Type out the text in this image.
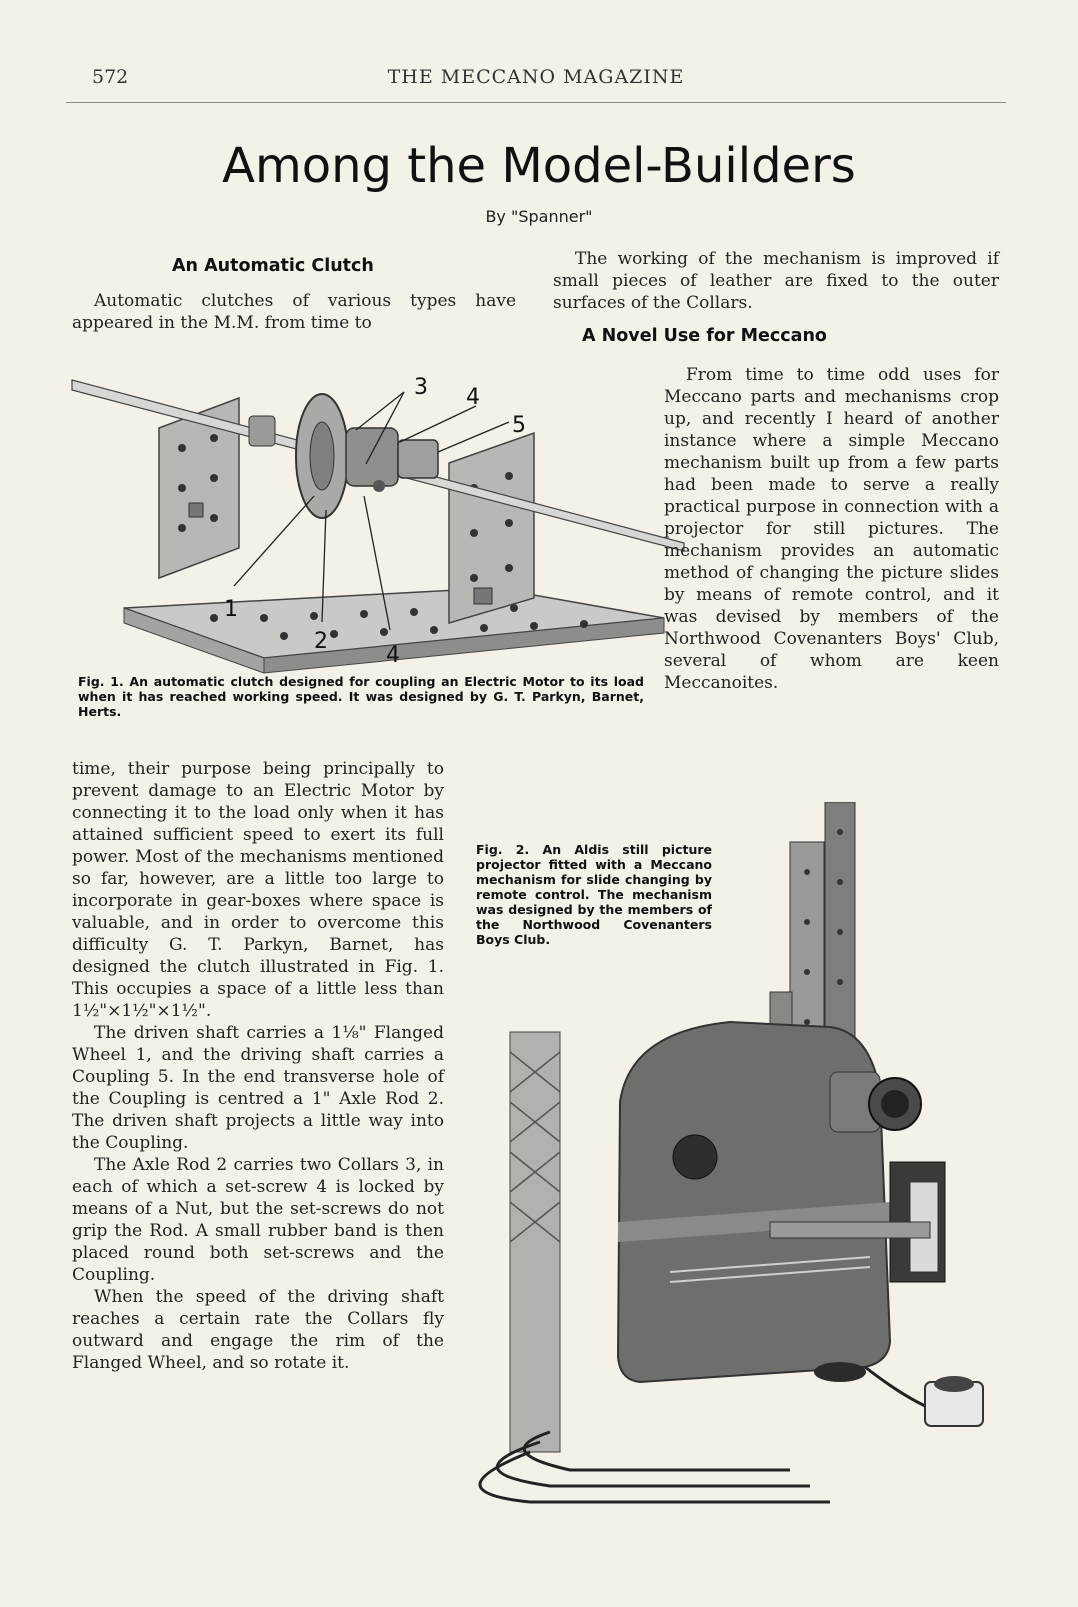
572	THE MECCANO MAGAZINE
Among the Model-Builders
By "Spanner"
An Automatic Clutch

Automatic clutches of various types have appeared in the M.M. from time to

The working of the mechanism is improved if small pieces of leather are fixed to the outer surfaces of the Collars.

A Novel Use for Meccano
3 4
5
1
2
4
Fig. 1. An automatic clutch designed for coupling an Electric Motor to its load when it has reached working speed. It was designed by G. T. Parkyn, Barnet, Herts.

From time to time odd uses for Meccano parts and mechanisms crop up, and recently I heard of another instance where a simple Meccano mechanism built up from a few parts had been made to serve a really practical purpose in connection with a projector for still pictures. The mechanism provides an automatic method of changing the picture slides by means of remote control, and it was devised by members of the Northwood Covenanters Boys' Club, several of whom are keen Meccanoites.

time, their purpose being principally to prevent damage to an Electric Motor by connecting it to the load only when it has attained sufficient speed to exert its full power. Most of the mechanisms mentioned so far, however, are a little too large to incorporate in gear-boxes where space is valuable, and in order to overcome this difficulty G. T. Parkyn, Barnet, has designed the clutch illustrated in Fig. 1. This occupies a space of a little less than 1½"×1½"×1½".

The driven shaft carries a 1⅛" Flanged Wheel 1, and the driving shaft carries a Coupling 5. In the end transverse hole of the Coupling is centred a 1" Axle Rod 2. The driven shaft projects a little way into the Coupling.

The Axle Rod 2 carries two Collars 3, in each of which a set-screw 4 is locked by means of a Nut, but the set-screws do not grip the Rod. A small rubber band is then placed round both set-screws and the Coupling.

When the speed of the driving shaft reaches a certain rate the Collars fly outward and engage the rim of the Flanged Wheel, and so rotate it.

Fig. 2. An Aldis still picture projector fitted with a Meccano mechanism for slide changing by remote control. The mechanism was designed by the members of the Northwood Covenanters Boys Club.
